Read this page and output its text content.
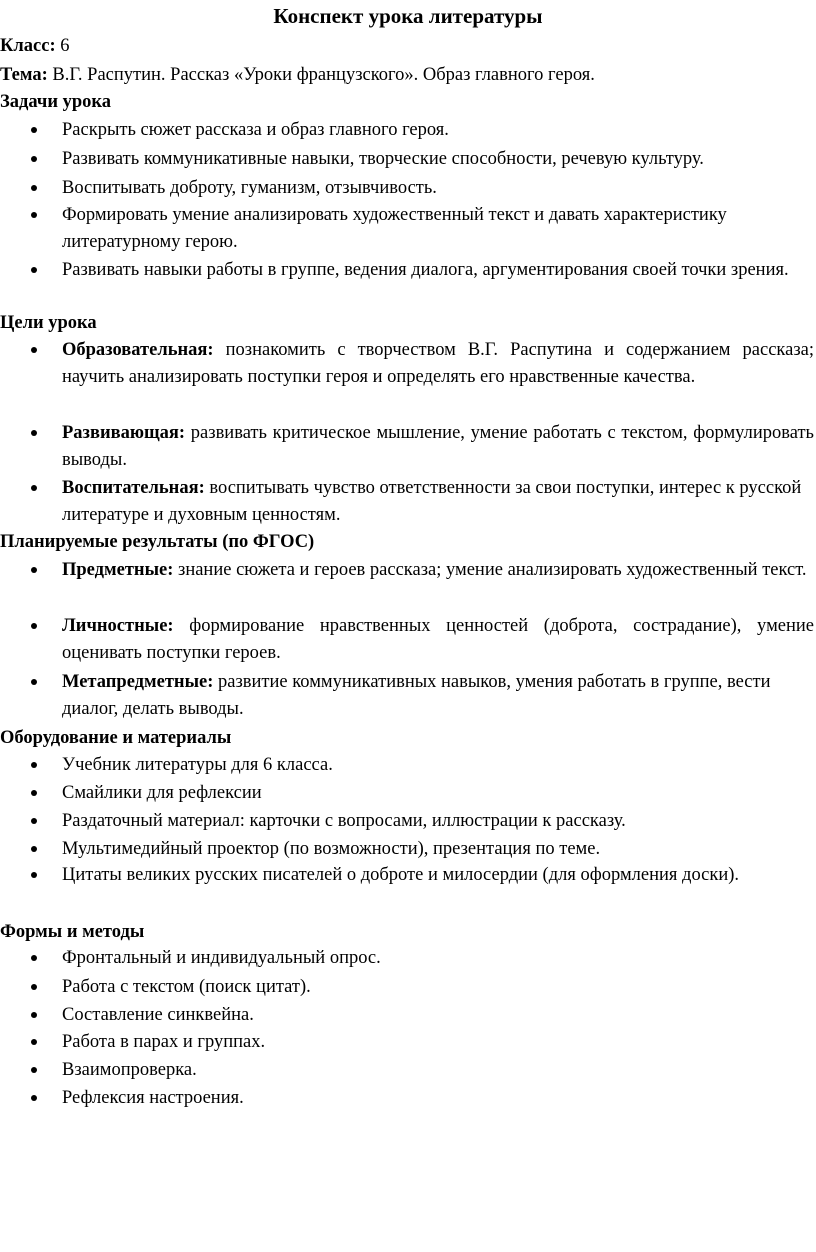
Конспект урока литературы
Класс: 6
Тема: В.Г. Распутин. Рассказ «Уроки французского». Образ главного героя.
Задачи урока
Раскрыть сюжет рассказа и образ главного героя.
Развивать коммуникативные навыки, творческие способности, речевую культуру.
Воспитывать доброту, гуманизм, отзывчивость.
Формировать умение анализировать художественный текст и давать характеристику литературному герою.
Развивать навыки работы в группе, ведения диалога, аргументирования своей точки зрения.
Цели урока
Образовательная: познакомить с творчеством В.Г. Распутина и содержанием рассказа; научить анализировать поступки героя и определять его нравственные качества.
Развивающая: развивать критическое мышление, умение работать с текстом, формулировать выводы.
Воспитательная: воспитывать чувство ответственности за свои поступки, интерес к русской литературе и духовным ценностям.
Планируемые результаты (по ФГОС)
Предметные: знание сюжета и героев рассказа; умение анализировать художественный текст.
Личностные: формирование нравственных ценностей (доброта, сострадание), умение оценивать поступки героев.
Метапредметные: развитие коммуникативных навыков, умения работать в группе, вести диалог, делать выводы.
Оборудование и материалы
Учебник литературы для 6 класса.
Смайлики для рефлексии
Раздаточный материал: карточки с вопросами, иллюстрации к рассказу.
Мультимедийный проектор (по возможности), презентация по теме.
Цитаты великих русских писателей о доброте и милосердии (для оформления доски).
Формы и методы
Фронтальный и индивидуальный опрос.
Работа с текстом (поиск цитат).
Составление синквейна.
Работа в парах и группах.
Взаимопроверка.
Рефлексия настроения.
